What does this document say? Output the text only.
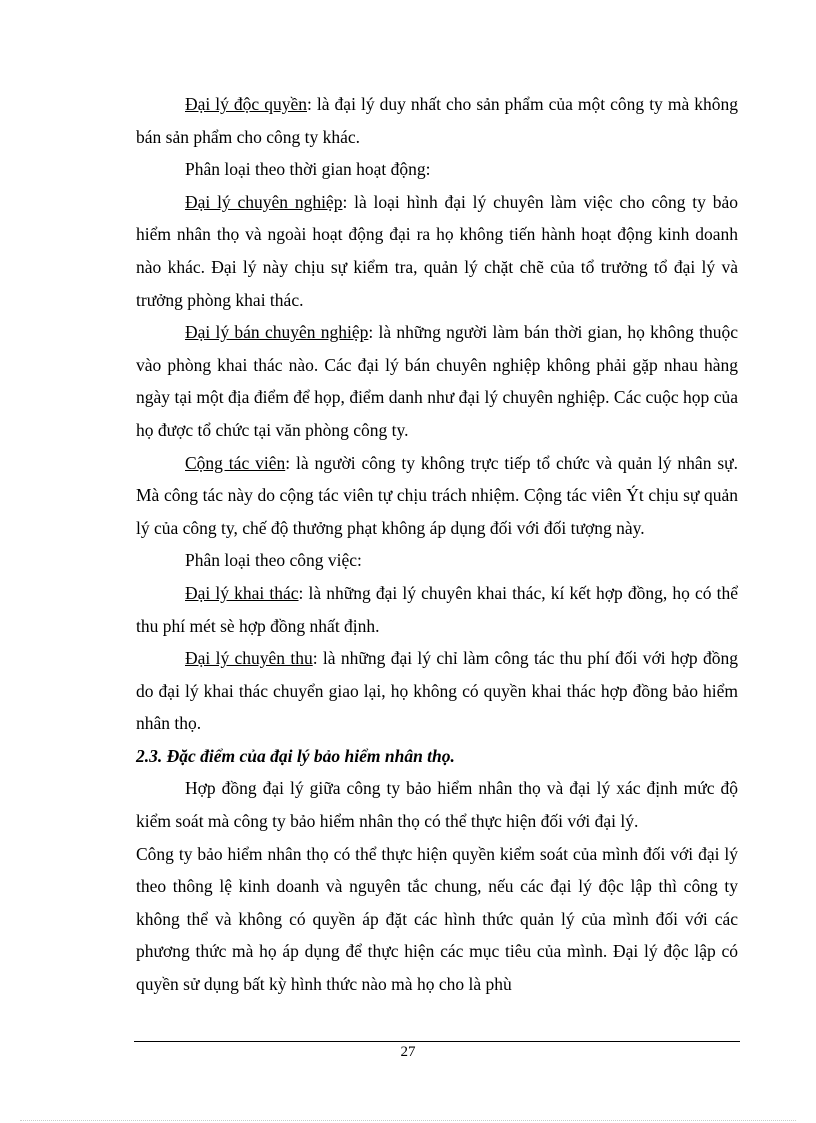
Đại lý độc quyền: là đại lý duy nhất cho sản phẩm của một công ty mà không bán sản phẩm cho công ty khác.

Phân loại theo thời gian hoạt động:

Đại lý chuyên nghiệp: là loại hình đại lý chuyên làm việc cho công ty bảo hiểm nhân thọ và ngoài hoạt động đại ra họ không tiến hành hoạt động kinh doanh nào khác. Đại lý này chịu sự kiểm tra, quản lý chặt chẽ của tổ trưởng tổ đại lý và trưởng phòng khai thác.

Đại lý bán chuyên nghiệp: là những người làm bán thời gian, họ không thuộc vào phòng khai thác nào. Các đại lý bán chuyên nghiệp không phải gặp nhau hàng ngày tại một địa điểm để họp, điểm danh như đại lý chuyên nghiệp. Các cuộc họp của họ được tổ chức tại văn phòng công ty.

Cộng tác viên: là người công ty không trực tiếp tổ chức và quản lý nhân sự. Mà công tác này do cộng tác viên tự chịu trách nhiệm. Cộng tác viên Ýt chịu sự quản lý của công ty, chế độ thưởng phạt không áp dụng đối với đối tượng này.

Phân loại theo công việc:

Đại lý khai thác: là những đại lý chuyên khai thác, kí kết hợp đồng, họ có thể thu phí mét sè hợp đồng nhất định.

Đại lý chuyên thu: là những đại lý chỉ làm công tác thu phí đối với hợp đồng do đại lý khai thác chuyển giao lại, họ không có quyền khai thác hợp đồng bảo hiểm nhân thọ.

2.3. Đặc điểm của đại lý bảo hiểm nhân thọ.

Hợp đồng đại lý giữa công ty bảo hiểm nhân thọ và đại lý xác định mức độ kiểm soát mà công ty bảo hiểm nhân thọ có thể thực hiện đối với đại lý.

Công ty bảo hiểm nhân thọ có thể thực hiện quyền kiểm soát của mình đối với đại lý theo thông lệ kinh doanh và nguyên tắc chung, nếu các đại lý độc lập thì công ty không thể và không có quyền áp đặt các hình thức quản lý của mình đối với các phương thức mà họ áp dụng để thực hiện các mục tiêu của mình. Đại lý độc lập có quyền sử dụng bất kỳ hình thức nào mà họ cho là phù

27
